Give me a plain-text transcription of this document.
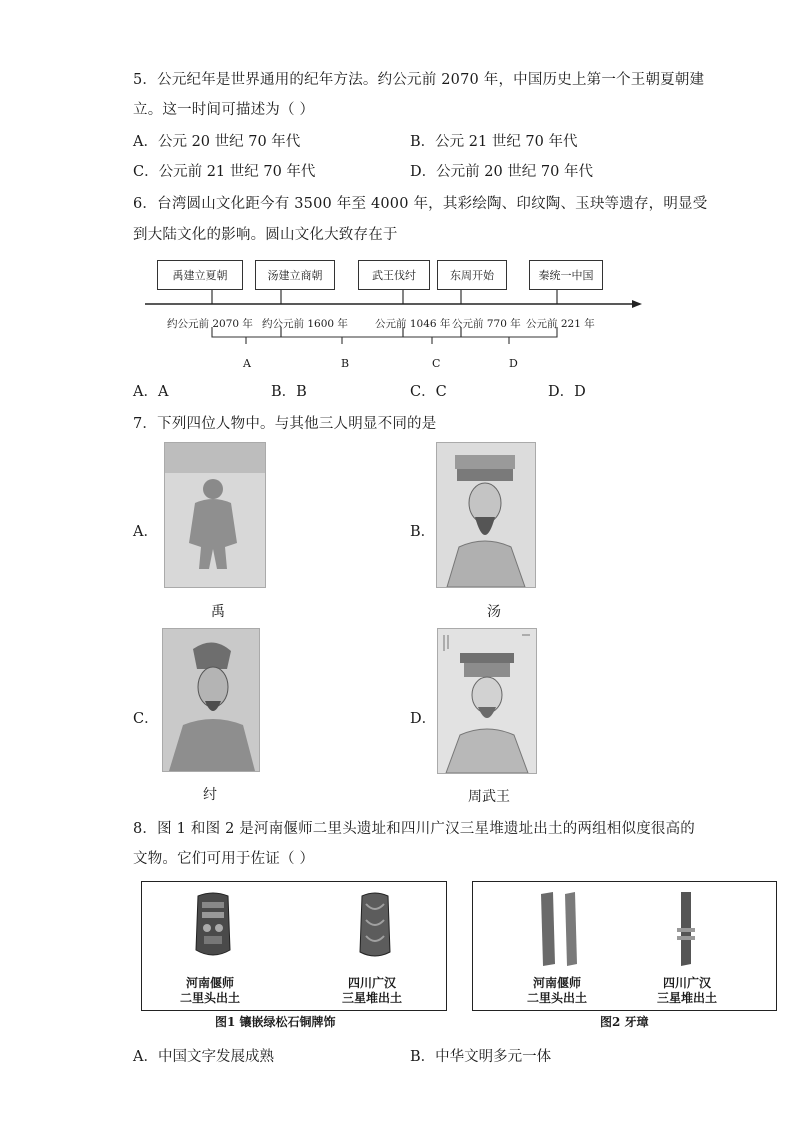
5．公元纪年是世界通用的纪年方法。约公元前 2070 年，中国历史上第一个王朝夏朝建
立。这一时间可描述为（ ）
A．公元 20 世纪 70 年代	B．公元 21 世纪 70 年代
C．公元前 21 世纪 70 年代	D．公元前 20 世纪 70 年代
6．台湾圆山文化距今有 3500 年至 4000 年，其彩绘陶、印纹陶、玉玦等遗存，明显受
到大陆文化的影响。圆山文化大致存在于
禹建立夏朝	汤建立商朝	武王伐纣	东周开始	秦统一中国
约公元前 2070 年 约公元前 1600 年	公元前 1046 年 公元前 770 年 公元前 221 年
A	B	C	D
A．A	B．B	C．C	D．D
7．下列四位人物中。与其他三人明显不同的是
A．
禹
B．
汤
C．
纣
D．
周武王
8．图 1 和图 2 是河南偃师二里头遗址和四川广汉三星堆遗址出土的两组相似度很高的
文物。它们可用于佐证（ ）
河南偃师
二里头出土
四川广汉
三星堆出土
图1 镶嵌绿松石铜牌饰
河南偃师
二里头出土
四川广汉
三星堆出土
图2 牙璋
A．中国文字发展成熟	B．中华文明多元一体
